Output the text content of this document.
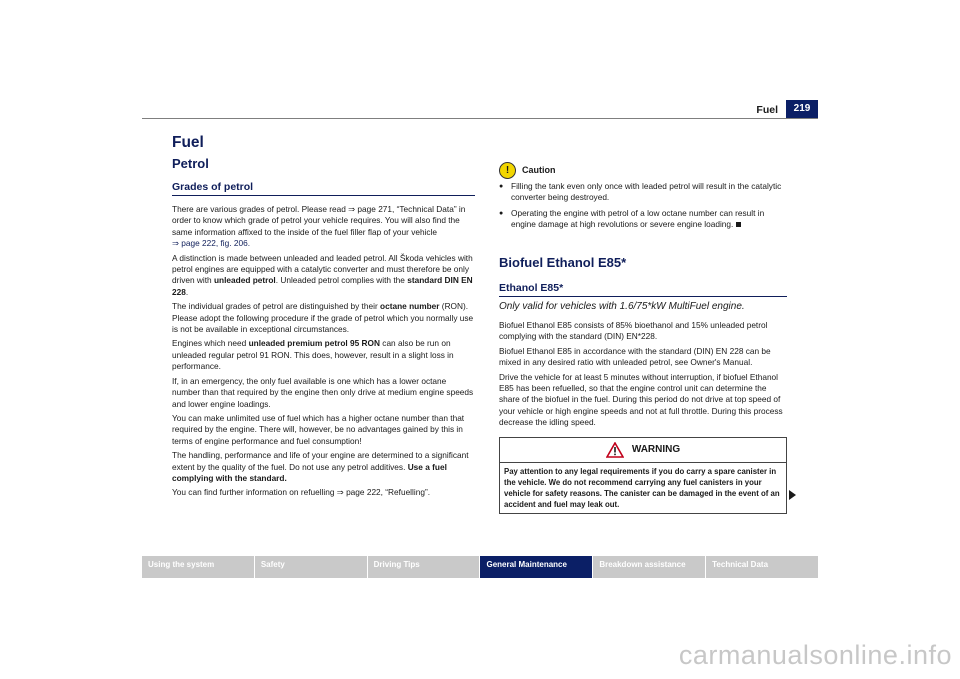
Fuel	219
Fuel
Petrol
Grades of petrol

There are various grades of petrol. Please read ⇒ page 271, “Technical Data” in order to know which grade of petrol your vehicle requires. You will also find the same information affixed to the inside of the fuel filler flap of your vehicle
⇒ page 222, fig. 206.

A distinction is made between unleaded and leaded petrol. All Škoda vehicles with petrol engines are equipped with a catalytic converter and must therefore be only driven with unleaded petrol. Unleaded petrol complies with the standard DIN EN 228.

The individual grades of petrol are distinguished by their octane number (RON). Please adopt the following procedure if the grade of petrol which you normally use is not be available in exceptional circumstances.

Engines which need unleaded premium petrol 95 RON can also be run on unleaded regular petrol 91 RON. This does, however, result in a slight loss in performance.

If, in an emergency, the only fuel available is one which has a lower octane number than that required by the engine then only drive at medium engine speeds and lower engine loadings.

You can make unlimited use of fuel which has a higher octane number than that required by the engine. There will, however, be no advantages gained by this in terms of engine performance and fuel consumption!

The handling, performance and life of your engine are determined to a significant extent by the quality of the fuel. Do not use any petrol additives. Use a fuel complying with the standard.

You can find further information on refuelling ⇒ page 222, “Refuelling”.

!	Caution
● Filling the tank even only once with leaded petrol will result in the catalytic converter being destroyed.
● Operating the engine with petrol of a low octane number can result in engine damage at high revolutions or severe engine loading.
Biofuel Ethanol E85*
Ethanol E85*
Only valid for vehicles with 1.6/75*kW MultiFuel engine.

Biofuel Ethanol E85 consists of 85% bioethanol and 15% unleaded petrol complying with the standard (DIN) EN*228.

Biofuel Ethanol E85 in accordance with the standard (DIN) EN 228 can be mixed in any desired ratio with unleaded petrol, see Owner's Manual.

Drive the vehicle for at least 5 minutes without interruption, if biofuel Ethanol E85 has been refuelled, so that the engine control unit can determine the share of the biofuel in the fuel. During this period do not drive at top speed of your vehicle or high engine speeds and not at full throttle. During this process decrease the idling speed.

WARNING
Pay attention to any legal requirements if you do carry a spare canister in the vehicle. We do not recommend carrying any fuel canisters in your vehicle for safety reasons. The canister can be damaged in the event of an accident and fuel may leak out.
Using the system	Safety	Driving Tips	General Maintenance	Breakdown assistance	Technical Data
carmanualsonline.info
